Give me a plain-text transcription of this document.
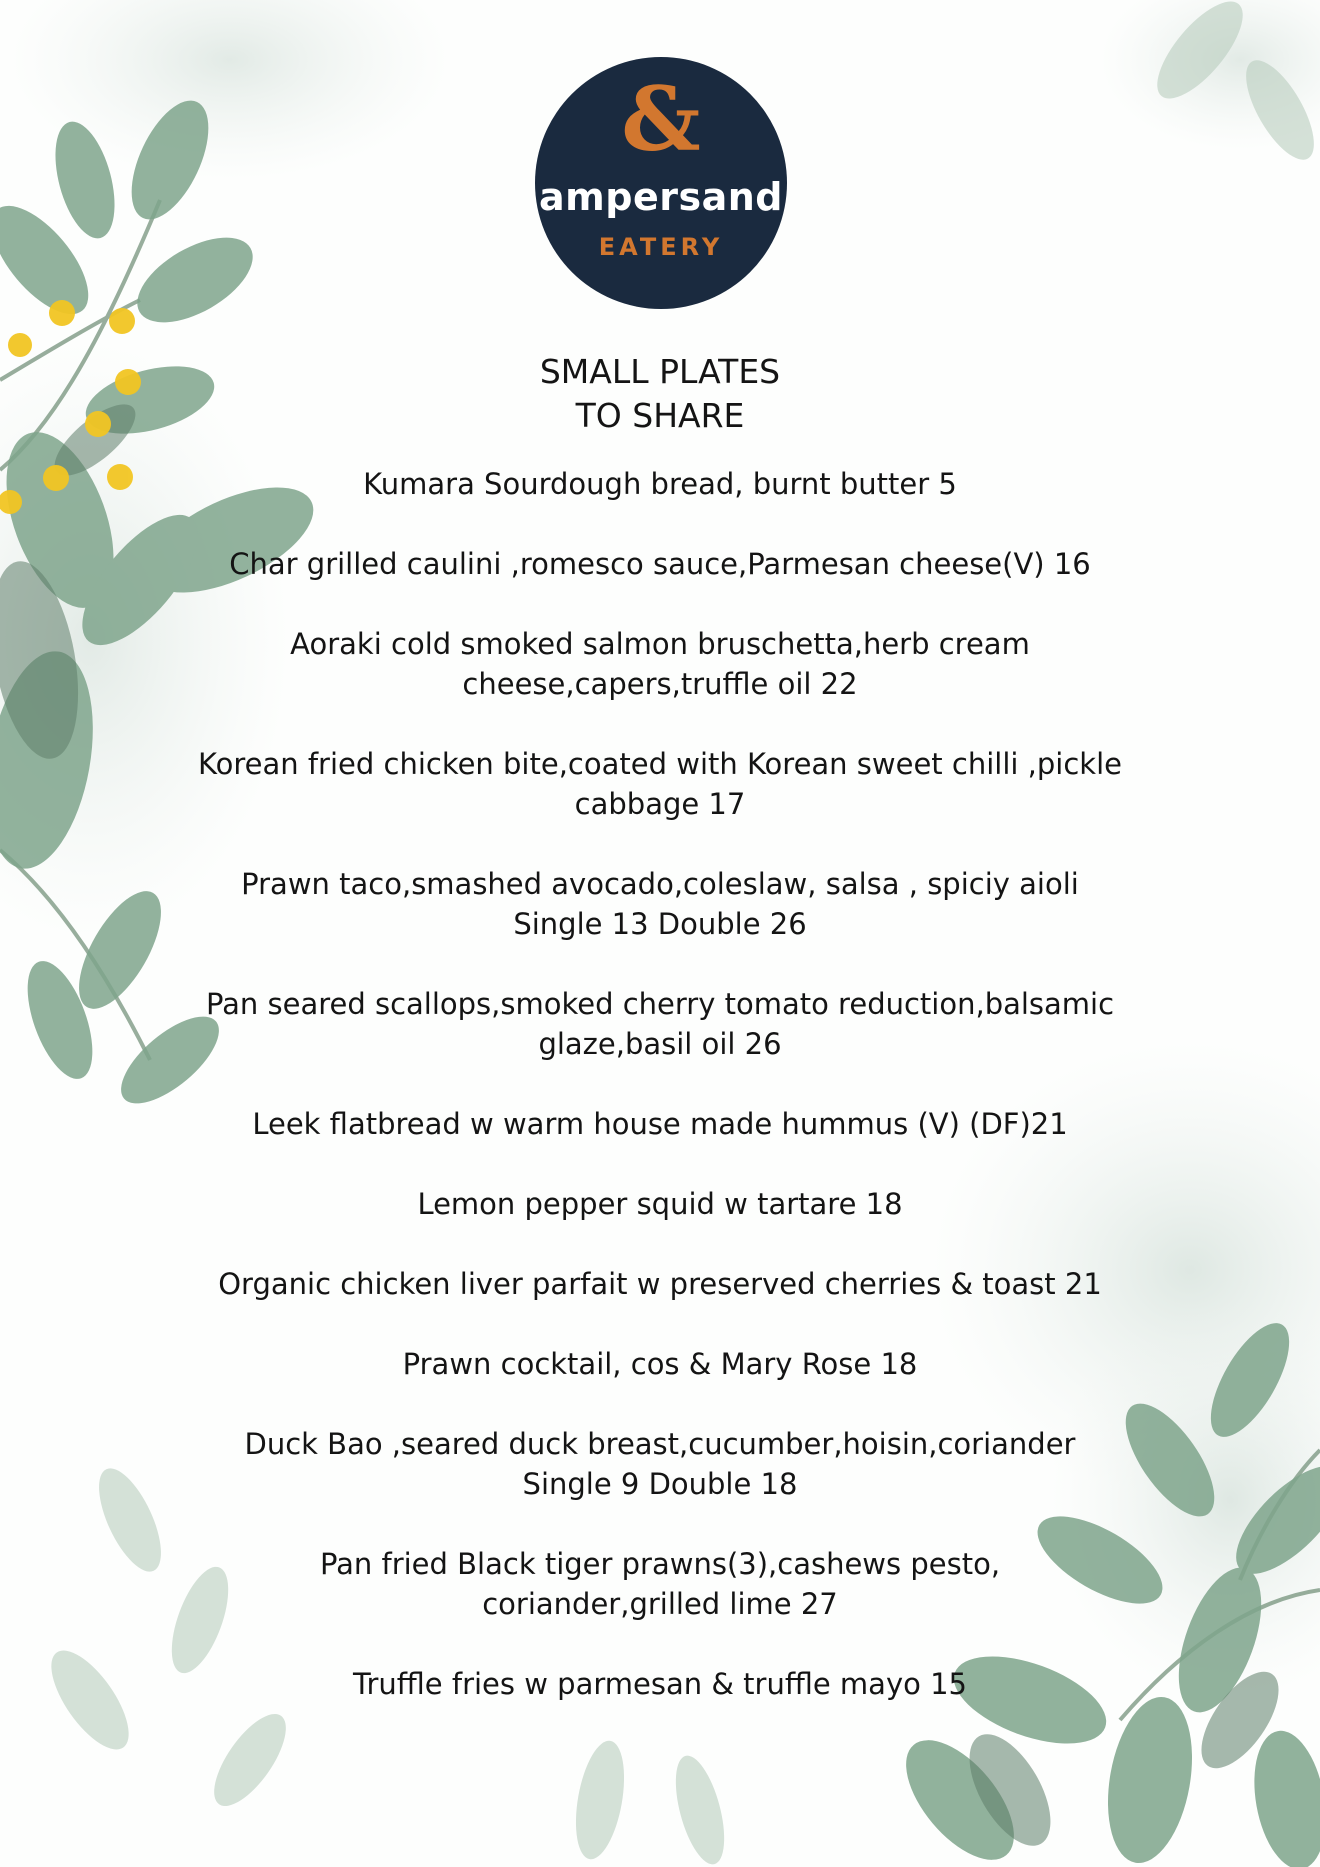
&
ampersand
EATERY
SMALL PLATES
TO SHARE
Kumara Sourdough bread, burnt butter 5
Char grilled caulini ,romesco sauce,Parmesan cheese(V) 16
Aoraki cold smoked salmon bruschetta,herb cream
cheese,capers,truffle oil 22
Korean fried chicken bite,coated with Korean sweet chilli ,pickle
cabbage 17
Prawn taco,smashed avocado,coleslaw, salsa , spiciy aioli
Single 13 Double 26
Pan seared scallops,smoked cherry tomato reduction,balsamic
glaze,basil oil 26
Leek flatbread w warm house made hummus (V) (DF)21
Lemon pepper squid w tartare 18
Organic chicken liver parfait w preserved cherries & toast 21
Prawn cocktail, cos & Mary Rose 18
Duck Bao ,seared duck breast,cucumber,hoisin,coriander
Single 9 Double 18
Pan fried Black tiger prawns(3),cashews pesto,
coriander,grilled lime 27
Truffle fries w parmesan & truffle mayo 15
